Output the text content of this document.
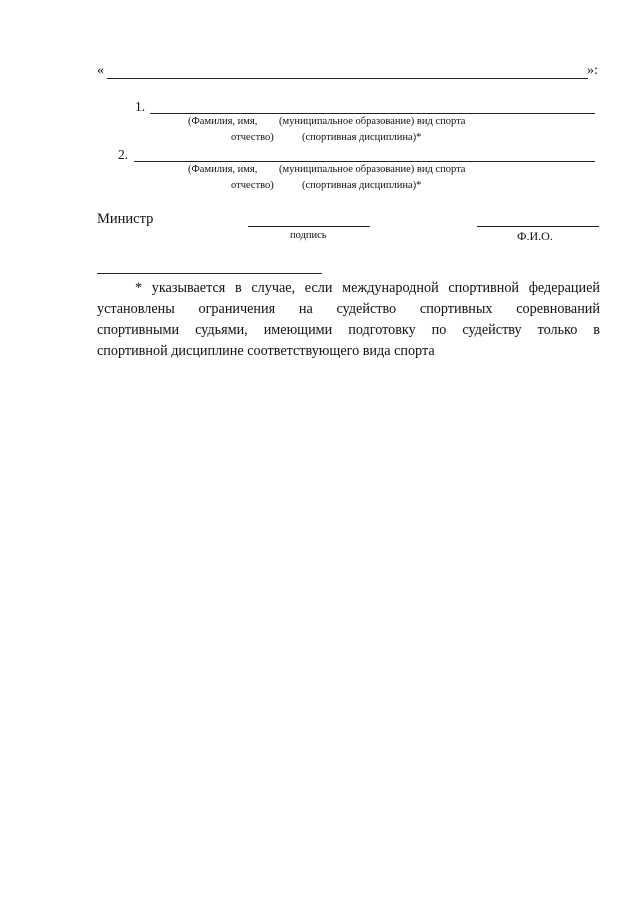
«	»:
1.
(Фамилия, имя, (муниципальное образование) вид спорта
отчество)	(спортивная дисциплина)*
2.
(Фамилия, имя, (муниципальное образование) вид спорта
отчество)	(спортивная дисциплина)*
Министр
подпись	Ф.И.О.
* указывается в случае, если международной спортивной федерацией
установлены ограничения на судейство спортивных соревнований
спортивными судьями, имеющими подготовку по судейству только в
спортивной дисциплине соответствующего вида спорта
